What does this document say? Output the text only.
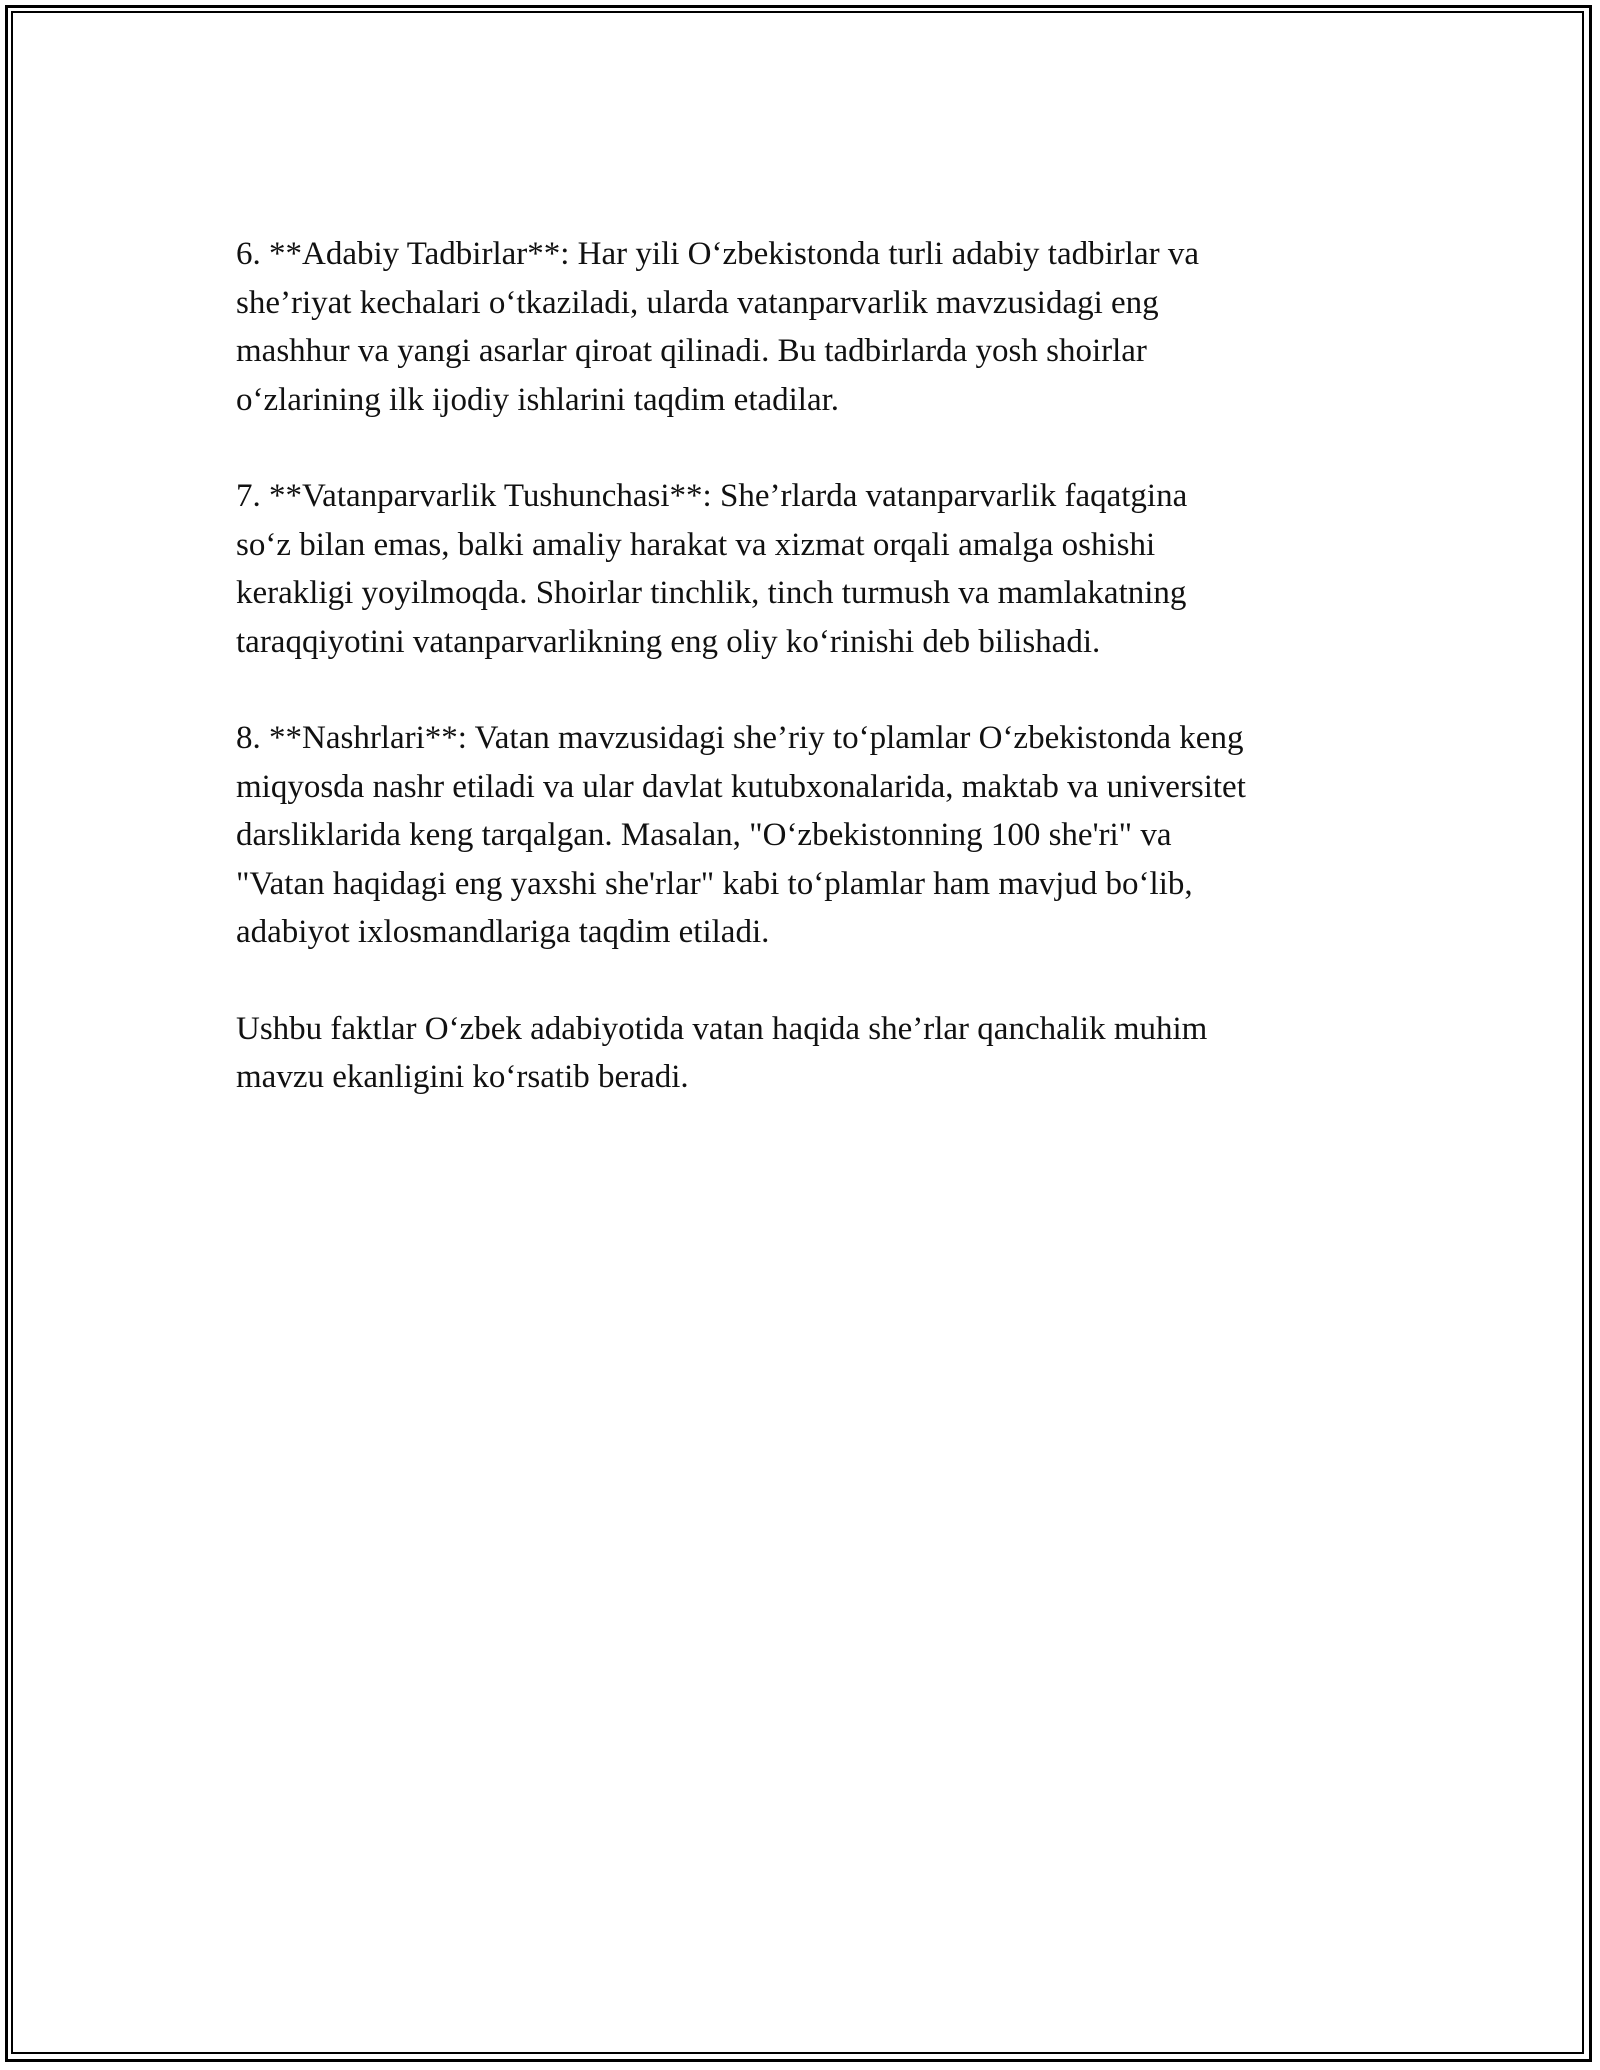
6. **Adabiy Tadbirlar**: Har yili O‘zbekistonda turli adabiy tadbirlar va
she’riyat kechalari o‘tkaziladi, ularda vatanparvarlik mavzusidagi eng
mashhur va yangi asarlar qiroat qilinadi. Bu tadbirlarda yosh shoirlar
o‘zlarining ilk ijodiy ishlarini taqdim etadilar.

7. **Vatanparvarlik Tushunchasi**: She’rlarda vatanparvarlik faqatgina
so‘z bilan emas, balki amaliy harakat va xizmat orqali amalga oshishi
kerakligi yoyilmoqda. Shoirlar tinchlik, tinch turmush va mamlakatning
taraqqiyotini vatanparvarlikning eng oliy ko‘rinishi deb bilishadi.

8. **Nashrlari**: Vatan mavzusidagi she’riy to‘plamlar O‘zbekistonda keng
miqyosda nashr etiladi va ular davlat kutubxonalarida, maktab va universitet
darsliklarida keng tarqalgan. Masalan, "O‘zbekistonning 100 she'ri" va
"Vatan haqidagi eng yaxshi she'rlar" kabi to‘plamlar ham mavjud bo‘lib,
adabiyot ixlosmandlariga taqdim etiladi.

Ushbu faktlar O‘zbek adabiyotida vatan haqida she’rlar qanchalik muhim
mavzu ekanligini ko‘rsatib beradi.
